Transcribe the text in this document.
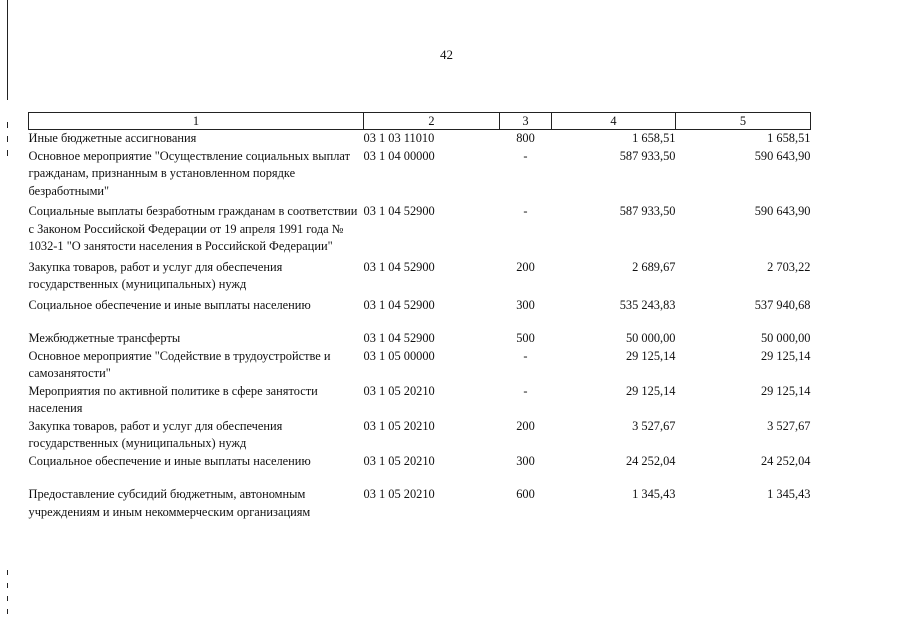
42
1	2	3	4	5
Иные бюджетные ассигнования	03 1 03 11010	800	1 658,51	1 658,51
Основное мероприятие "Осуществление социальных выплат гражданам, признанным в установленном порядке безработными"	03 1 04 00000	-	587 933,50	590 643,90
Социальные выплаты безработным гражданам в соответствии с Законом Российской Федерации от 19 апреля 1991 года № 1032-1 "О занятости населения в Российской Федерации"	03 1 04 52900	-	587 933,50	590 643,90
Закупка товаров, работ и услуг для обеспечения государственных (муниципальных) нужд	03 1 04 52900	200	2 689,67	2 703,22
Социальное обеспечение и иные выплаты населению	03 1 04 52900	300	535 243,83	537 940,68
Межбюджетные трансферты	03 1 04 52900	500	50 000,00	50 000,00
Основное мероприятие "Содействие в трудоустройстве и самозанятости"	03 1 05 00000	-	29 125,14	29 125,14
Мероприятия по активной политике в сфере занятости населения	03 1 05 20210	-	29 125,14	29 125,14
Закупка товаров, работ и услуг для обеспечения государственных (муниципальных) нужд	03 1 05 20210	200	3 527,67	3 527,67
Социальное обеспечение и иные выплаты населению	03 1 05 20210	300	24 252,04	24 252,04
Предоставление субсидий бюджетным, автономным учреждениям и иным некоммерческим организациям	03 1 05 20210	600	1 345,43	1 345,43
